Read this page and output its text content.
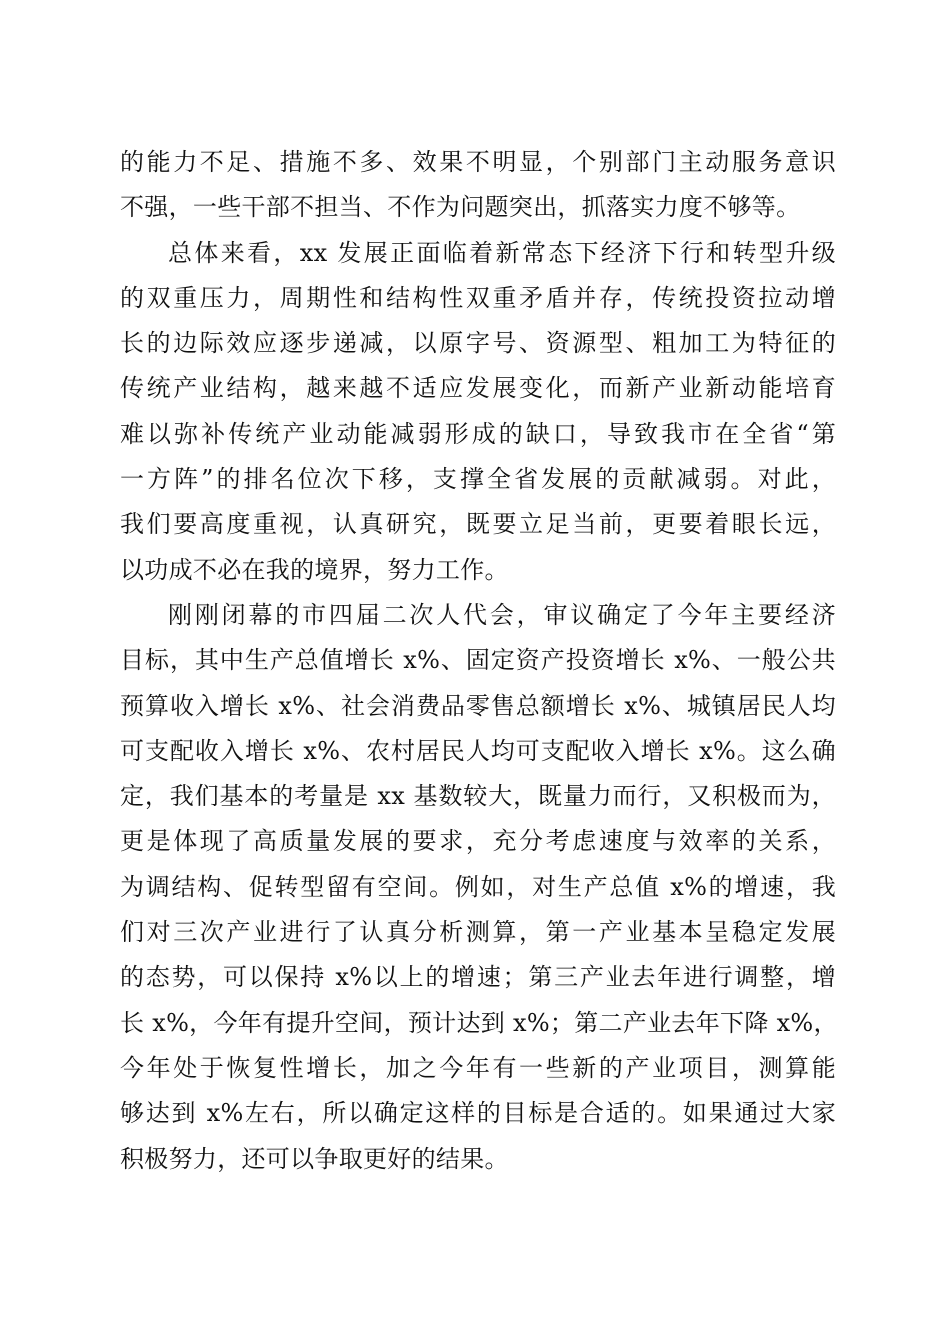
的能力不足、措施不多、效果不明显，个别部门主动服务意识
不强，一些干部不担当、不作为问题突出，抓落实力度不够等。
总体来看，xx 发展正面临着新常态下经济下行和转型升级
的双重压力，周期性和结构性双重矛盾并存，传统投资拉动增
长的边际效应逐步递减，以原字号、资源型、粗加工为特征的
传统产业结构，越来越不适应发展变化，而新产业新动能培育
难以弥补传统产业动能减弱形成的缺口，导致我市在全省“第
一方阵”的排名位次下移，支撑全省发展的贡献减弱。对此，
我们要高度重视，认真研究，既要立足当前，更要着眼长远，
以功成不必在我的境界，努力工作。
刚刚闭幕的市四届二次人代会，审议确定了今年主要经济
目标，其中生产总值增长 x%、固定资产投资增长 x%、一般公共
预算收入增长 x%、社会消费品零售总额增长 x%、城镇居民人均
可支配收入增长 x%、农村居民人均可支配收入增长 x%。这么确
定，我们基本的考量是 xx 基数较大，既量力而行，又积极而为，
更是体现了高质量发展的要求，充分考虑速度与效率的关系，
为调结构、促转型留有空间。例如，对生产总值 x%的增速，我
们对三次产业进行了认真分析测算，第一产业基本呈稳定发展
的态势，可以保持 x%以上的增速；第三产业去年进行调整，增
长 x%，今年有提升空间，预计达到 x%；第二产业去年下降 x%，
今年处于恢复性增长，加之今年有一些新的产业项目，测算能
够达到 x%左右，所以确定这样的目标是合适的。如果通过大家
积极努力，还可以争取更好的结果。
